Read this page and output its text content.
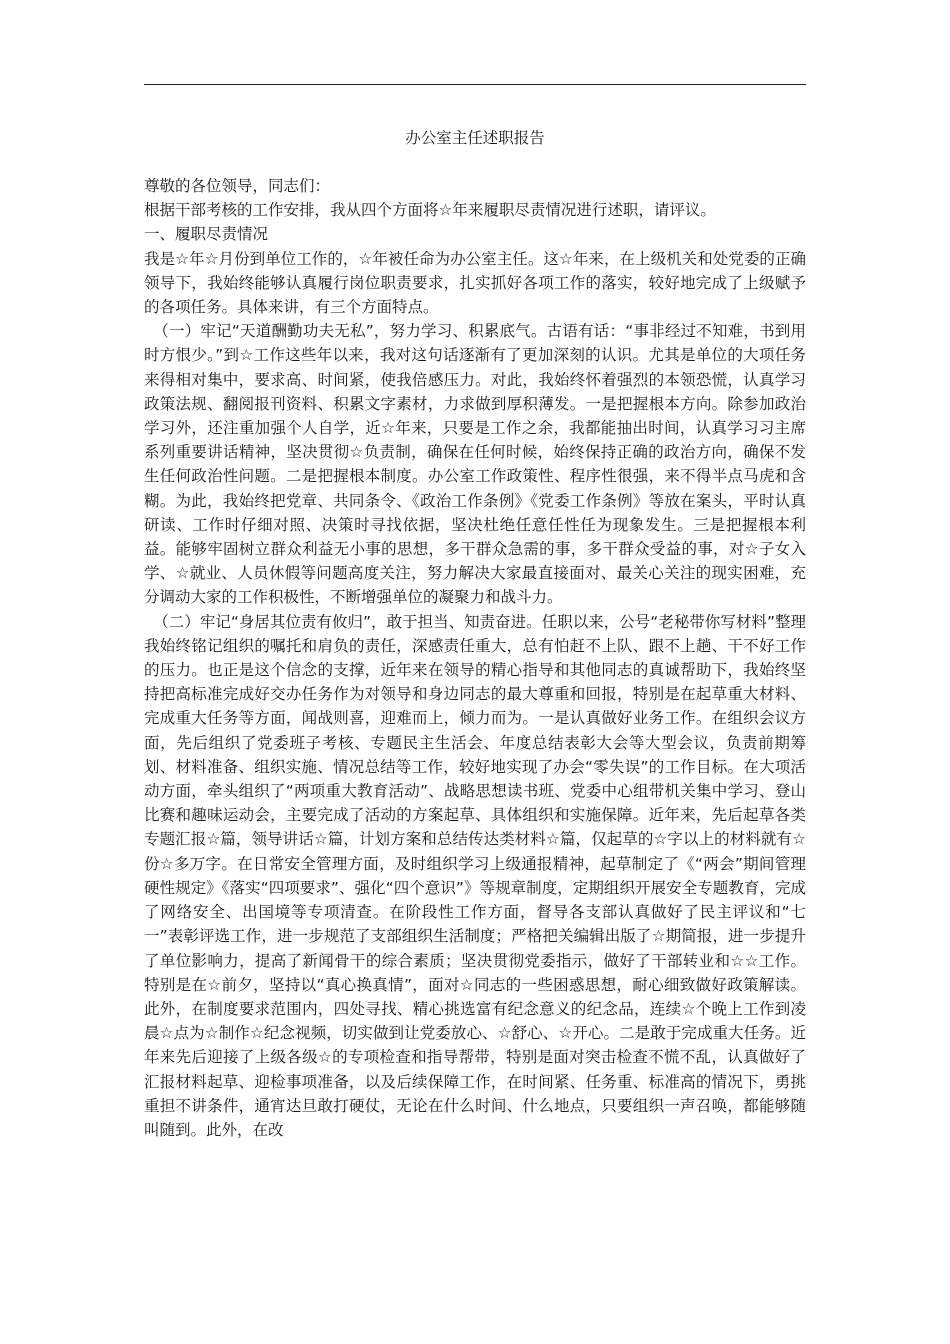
办公室主任述职报告

尊敬的各位领导，同志们：

根据干部考核的工作安排，我从四个方面将☆年来履职尽责情况进行述职，请评议。

一、履职尽责情况

我是☆年☆月份到单位工作的，☆年被任命为办公室主任。这☆年来，在上级机关和处党委的正确领导下，我始终能够认真履行岗位职责要求，扎实抓好各项工作的落实，较好地完成了上级赋予的各项任务。具体来讲，有三个方面特点。

（一）牢记“天道酬勤功夫无私”，努力学习、积累底气。古语有话：“事非经过不知难，书到用时方恨少。”到☆工作这些年以来，我对这句话逐渐有了更加深刻的认识。尤其是单位的大项任务来得相对集中，要求高、时间紧，使我倍感压力。对此，我始终怀着强烈的本领恐慌，认真学习政策法规、翻阅报刊资料、积累文字素材，力求做到厚积薄发。一是把握根本方向。除参加政治学习外，还注重加强个人自学，近☆年来，只要是工作之余，我都能抽出时间，认真学习习主席系列重要讲话精神，坚决贯彻☆负责制，确保在任何时候，始终保持正确的政治方向，确保不发生任何政治性问题。二是把握根本制度。办公室工作政策性、程序性很强，来不得半点马虎和含糊。为此，我始终把党章、共同条令、《政治工作条例》《党委工作条例》等放在案头，平时认真研读、工作时仔细对照、决策时寻找依据，坚决杜绝任意任性任为现象发生。三是把握根本利益。能够牢固树立群众利益无小事的思想，多干群众急需的事，多干群众受益的事，对☆子女入学、☆就业、人员休假等问题高度关注，努力解决大家最直接面对、最关心关注的现实困难，充分调动大家的工作积极性，不断增强单位的凝聚力和战斗力。

（二）牢记“身居其位责有攸归”，敢于担当、知责奋进。任职以来，公号“老秘带你写材料”整理我始终铭记组织的嘱托和肩负的责任，深感责任重大，总有怕赶不上队、跟不上趟、干不好工作的压力。也正是这个信念的支撑，近年来在领导的精心指导和其他同志的真诚帮助下，我始终坚持把高标准完成好交办任务作为对领导和身边同志的最大尊重和回报，特别是在起草重大材料、完成重大任务等方面，闻战则喜，迎难而上，倾力而为。一是认真做好业务工作。在组织会议方面，先后组织了党委班子考核、专题民主生活会、年度总结表彰大会等大型会议，负责前期筹划、材料准备、组织实施、情况总结等工作，较好地实现了办会“零失误”的工作目标。在大项活动方面，牵头组织了“两项重大教育活动”、战略思想读书班、党委中心组带机关集中学习、登山比赛和趣味运动会，主要完成了活动的方案起草、具体组织和实施保障。近年来，先后起草各类专题汇报☆篇，领导讲话☆篇，计划方案和总结传达类材料☆篇，仅起草的☆字以上的材料就有☆份☆多万字。在日常安全管理方面，及时组织学习上级通报精神，起草制定了《“两会”期间管理硬性规定》《落实“四项要求”、强化“四个意识”》等规章制度，定期组织开展安全专题教育，完成了网络安全、出国境等专项清查。在阶段性工作方面，督导各支部认真做好了民主评议和“七一”表彰评选工作，进一步规范了支部组织生活制度；严格把关编辑出版了☆期简报，进一步提升了单位影响力，提高了新闻骨干的综合素质；坚决贯彻党委指示，做好了干部转业和☆☆工作。特别是在☆前夕，坚持以“真心换真情”，面对☆同志的一些困惑思想，耐心细致做好政策解读。此外，在制度要求范围内，四处寻找、精心挑选富有纪念意义的纪念品，连续☆个晚上工作到凌晨☆点为☆制作☆纪念视频，切实做到让党委放心、☆舒心、☆开心。二是敢于完成重大任务。近年来先后迎接了上级各级☆的专项检查和指导帮带，特别是面对突击检查不慌不乱，认真做好了汇报材料起草、迎检事项准备，以及后续保障工作，在时间紧、任务重、标准高的情况下，勇挑重担不讲条件，通宵达旦敢打硬仗，无论在什么时间、什么地点，只要组织一声召唤，都能够随叫随到。此外，在改
